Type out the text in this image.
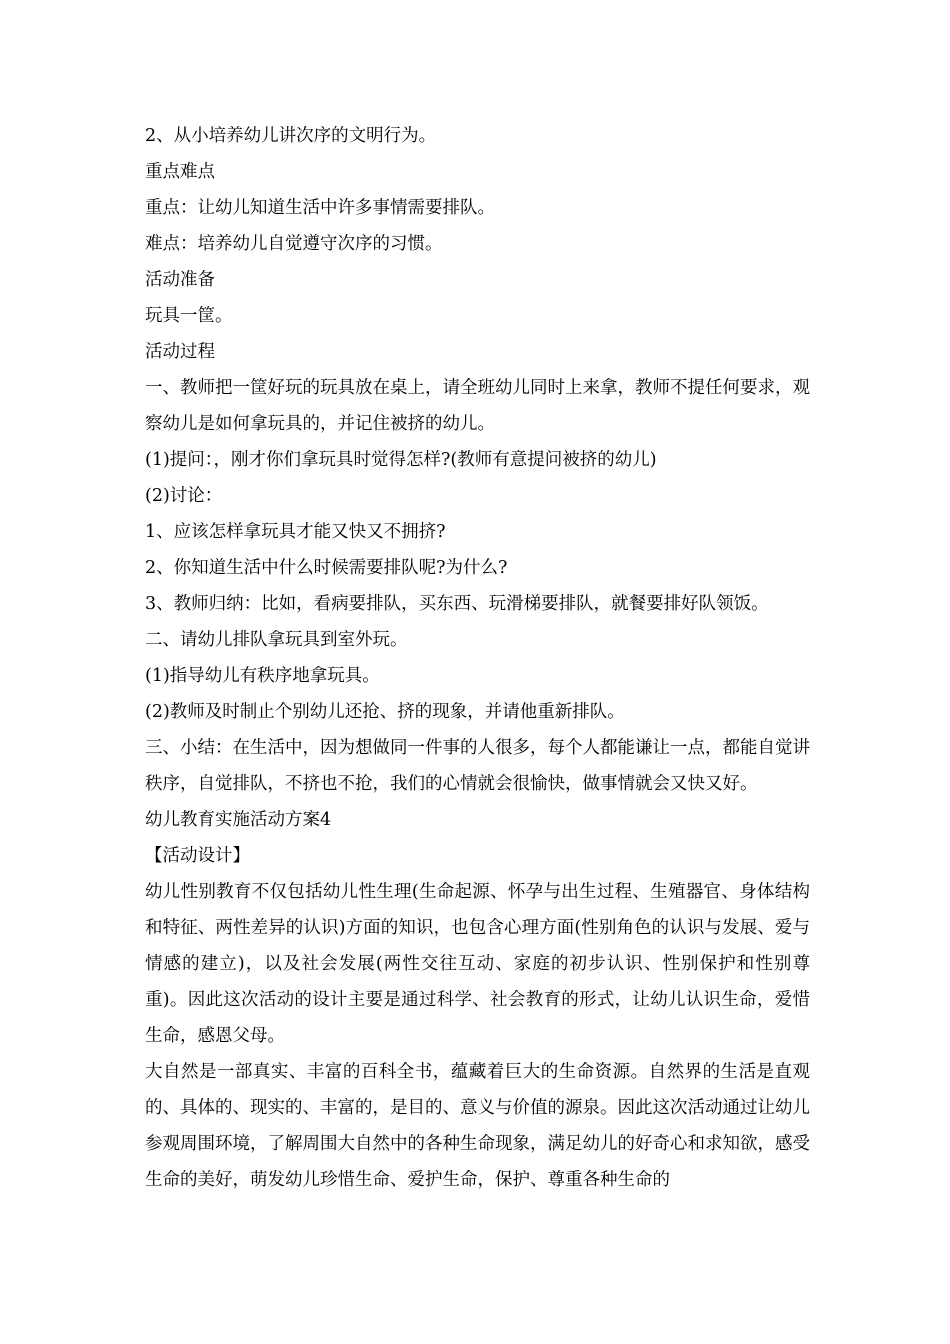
2、从小培养幼儿讲次序的文明行为。

重点难点

重点：让幼儿知道生活中许多事情需要排队。

难点：培养幼儿自觉遵守次序的习惯。

活动准备

玩具一筐。

活动过程

一、教师把一筐好玩的玩具放在桌上，请全班幼儿同时上来拿，教师不提任何要求，观察幼儿是如何拿玩具的，并记住被挤的幼儿。

(1)提问：，刚才你们拿玩具时觉得怎样?(教师有意提问被挤的幼儿)

(2)讨论：

1、应该怎样拿玩具才能又快又不拥挤?

2、你知道生活中什么时候需要排队呢?为什么?

3、教师归纳：比如，看病要排队，买东西、玩滑梯要排队，就餐要排好队领饭。

二、请幼儿排队拿玩具到室外玩。

(1)指导幼儿有秩序地拿玩具。

(2)教师及时制止个别幼儿还抢、挤的现象，并请他重新排队。

三、小结：在生活中，因为想做同一件事的人很多，每个人都能谦让一点，都能自觉讲秩序，自觉排队，不挤也不抢，我们的心情就会很愉快，做事情就会又快又好。

幼儿教育实施活动方案4

【活动设计】

幼儿性别教育不仅包括幼儿性生理(生命起源、怀孕与出生过程、生殖器官、身体结构和特征、两性差异的认识)方面的知识，也包含心理方面(性别角色的认识与发展、爱与情感的建立)，以及社会发展(两性交往互动、家庭的初步认识、性别保护和性别尊重)。因此这次活动的设计主要是通过科学、社会教育的形式，让幼儿认识生命，爱惜生命，感恩父母。

大自然是一部真实、丰富的百科全书，蕴藏着巨大的生命资源。自然界的生活是直观的、具体的、现实的、丰富的，是目的、意义与价值的源泉。因此这次活动通过让幼儿参观周围环境，了解周围大自然中的各种生命现象，满足幼儿的好奇心和求知欲，感受生命的美好，萌发幼儿珍惜生命、爱护生命，保护、尊重各种生命的
